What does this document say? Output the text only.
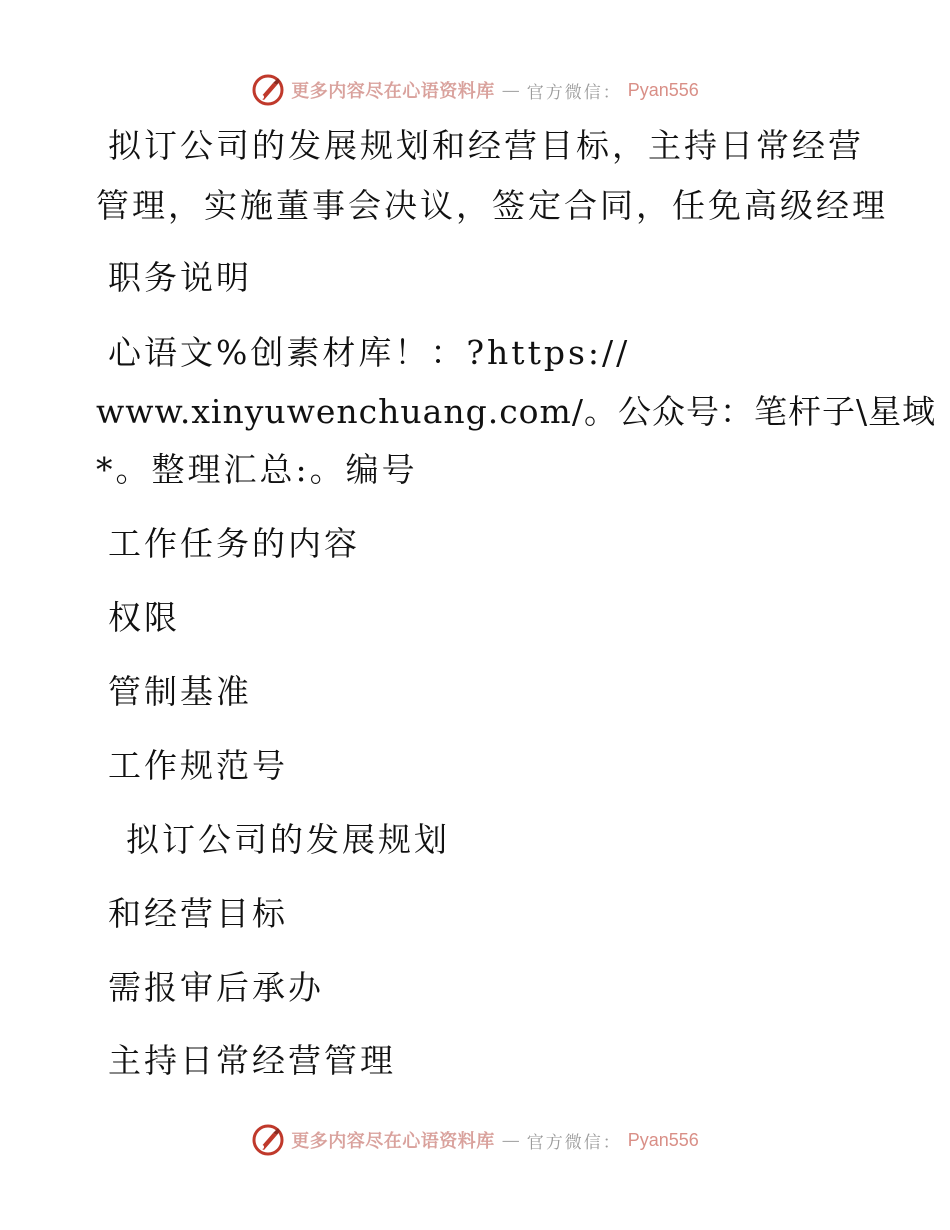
更多内容尽在心语资料库 — 官方微信： Pyan556
拟订公司的发展规划和经营目标，主持日常经营
管理，实施董事会决议，签定合同，任免高级经理
职务说明
心语文%创素材库！：?https://
www.xinyuwenchuang.com/。公众号：笔杆子\星域
*。整理汇总:。编号
工作任务的内容
权限
管制基准
工作规范号
拟订公司的发展规划
和经营目标
需报审后承办
主持日常经营管理
更多内容尽在心语资料库 — 官方微信： Pyan556
